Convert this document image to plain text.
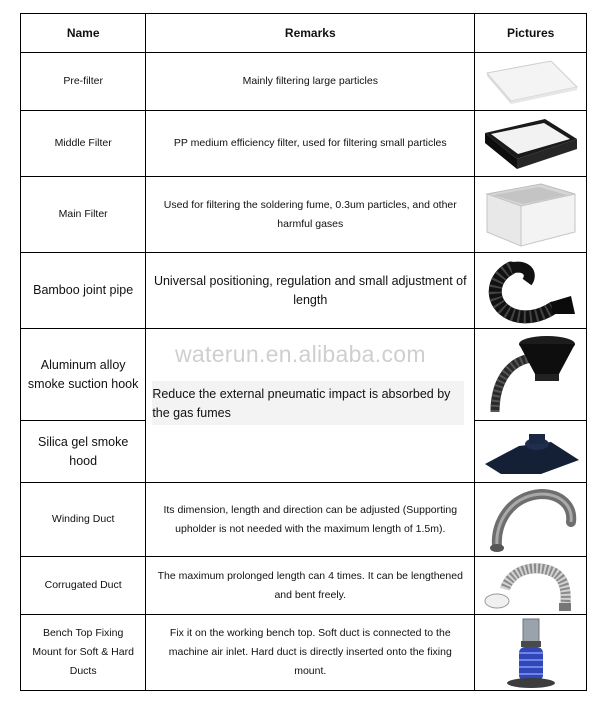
Name	Remarks	Pictures
Pre-filter	Mainly filtering large particles	

Middle Filter	PP medium efficiency filter, used for filtering small particles	

Main Filter	Used for filtering the soldering fume, 0.3um particles, and other harmful gases	

Bamboo joint pipe	Universal positioning, regulation and small adjustment of length	

Aluminum alloy smoke suction hook	Reduce the external pneumatic impact is absorbed by the gas fumes

Silica gel smoke hood	

Winding Duct	Its dimension, length and direction can be adjusted (Supporting upholder is not needed with the maximum length of 1.5m).	

Corrugated Duct	The maximum prolonged length can 4 times. It can be lengthened and bent freely.	

Bench Top Fixing Mount for Soft & Hard Ducts	Fix it on the working bench top. Soft duct is connected to the machine air inlet. Hard duct is directly inserted onto the fixing mount.	
waterun.en.alibaba.com
